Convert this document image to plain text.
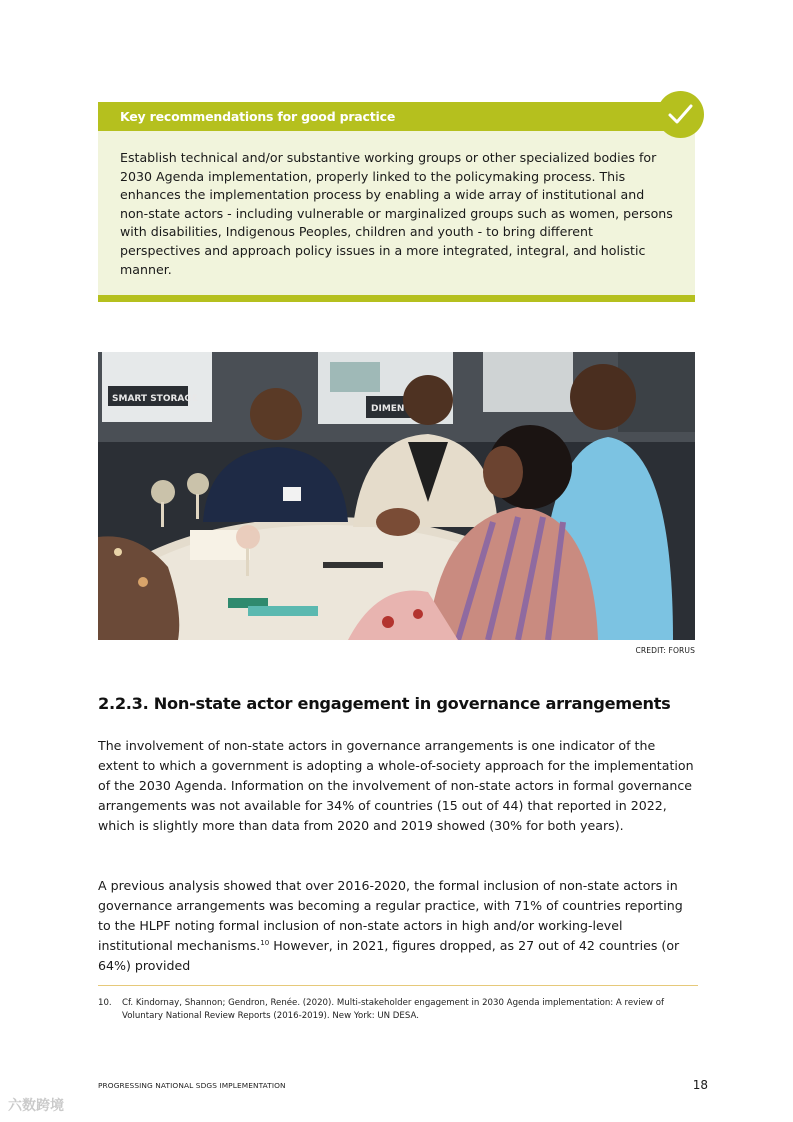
Key recommendations for good practice

Establish technical and/or substantive working groups or other specialized bodies for 2030 Agenda implementation, properly linked to the policymaking process. This enhances the implementation process by enabling a wide array of institutional and non-state actors - including vulnerable or marginalized groups such as women, persons with disabilities, Indigenous Peoples, children and youth - to bring different perspectives and approach policy issues in a more integrated, integral, and holistic manner.

SMART STORAGE
DIMEN
CREDIT: FORUS
2.2.3. Non-state actor engagement in governance arrangements

The involvement of non-state actors in governance arrangements is one indicator of the extent to which a government is adopting a whole-of-society approach for the implementation of the 2030 Agenda. Information on the involvement of non-state actors in formal governance arrangements was not available for 34% of countries (15 out of 44) that reported in 2022, which is slightly more than data from 2020 and 2019 showed (30% for both years).

A previous analysis showed that over 2016-2020, the formal inclusion of non-state actors in governance arrangements was becoming a regular practice, with 71% of countries reporting to the HLPF noting formal inclusion of non-state actors in high and/or working-level institutional mechanisms.$^{10}$ However, in 2021, figures dropped, as 27 out of 42 countries (or 64%) provided

10. Cf. Kindornay, Shannon; Gendron, Renée. (2020). Multi-stakeholder engagement in 2030 Agenda implementation: A review of Voluntary National Review Reports (2016-2019). New York: UN DESA.
PROGRESSING NATIONAL SDGS IMPLEMENTATION	18
六数跨境
